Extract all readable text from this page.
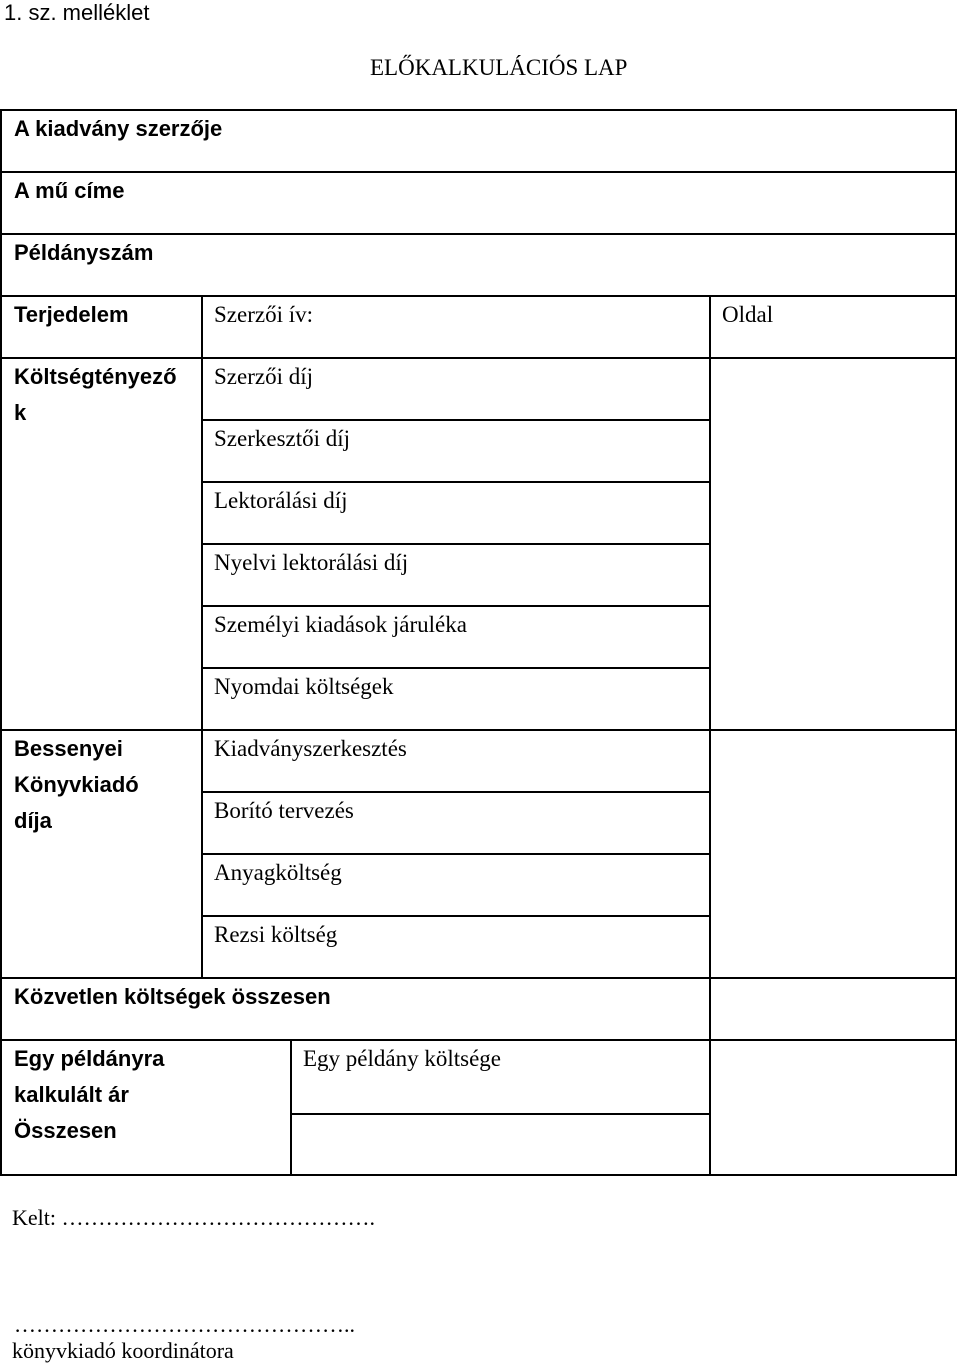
1. sz. melléklet
ELŐKALKULÁCIÓS LAP
A kiadvány szerzője
A mű címe
Példányszám
Terjedelem	Szerzői ív:	Oldal
Költségtényező
k
Szerzői díj
Szerkesztői díj
Lektorálási díj
Nyelvi lektorálási díj
Személyi kiadások járuléka
Nyomdai költségek
Bessenyei
Könyvkiadó
díja
Kiadványszerkesztés
Borító tervezés
Anyagköltség
Rezsi költség
Közvetlen költségek összesen
Egy példányra
kalkulált ár
Összesen
Egy példány költsége
Kelt: …………………………………….
………………………………………..
könyvkiadó koordinátora
